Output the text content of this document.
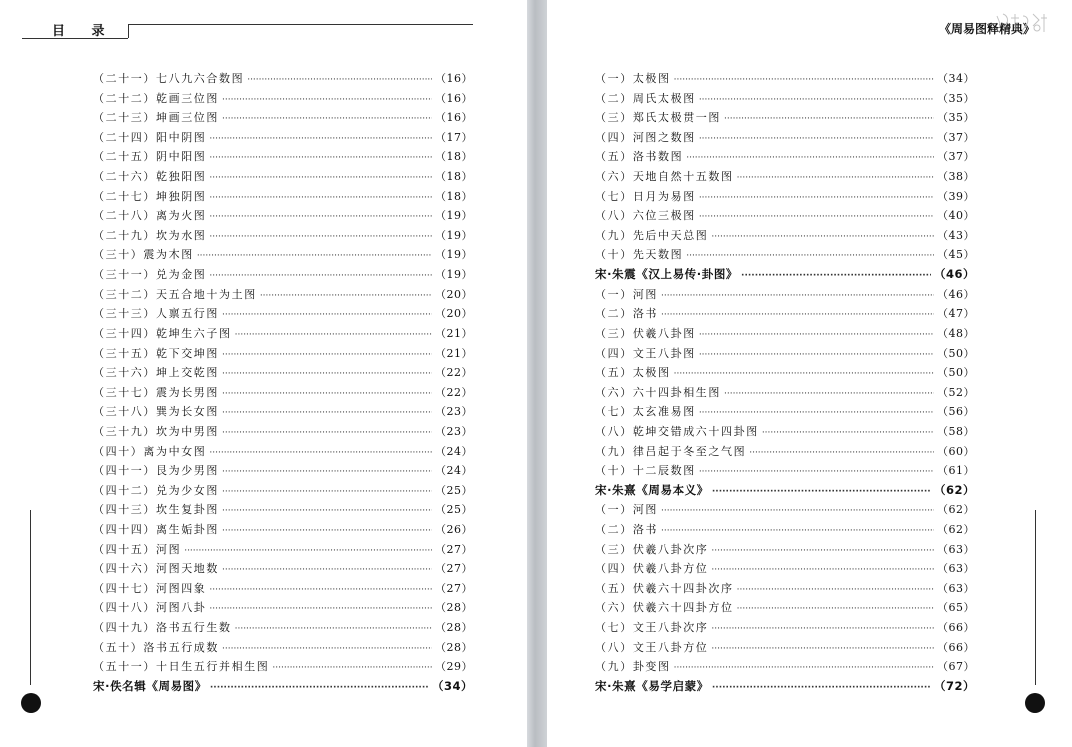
目 录
（二十一） 七八九六合数图 ·····	（16）
（二十二） 乾画三位图 ·····	（16）
（二十三） 坤画三位图 ·····	（16）
（二十四） 阳中阴图 ·····	（17）
（二十五） 阴中阳图 ·····	（18）
（二十六） 乾独阳图 ·····	（18）
（二十七） 坤独阴图 ·····	（18）
（二十八） 离为火图 ·····	（19）
（二十九） 坎为水图 ·····	（19）
（三十） 震为木图 ·····	（19）
（三十一） 兑为金图 ·····	（19）
（三十二） 天五合地十为土图 ·····	（20）
（三十三） 人禀五行图 ·····	（20）
（三十四） 乾坤生六子图 ·····	（21）
（三十五） 乾下交坤图 ·····	（21）
（三十六） 坤上交乾图 ·····	（22）
（三十七） 震为长男图 ·····	（22）
（三十八） 巽为长女图 ·····	（23）
（三十九） 坎为中男图 ·····	（23）
（四十） 离为中女图 ·····	（24）
（四十一） 艮为少男图 ·····	（24）
（四十二） 兑为少女图 ·····	（25）
（四十三） 坎生复卦图 ·····	（25）
（四十四） 离生姤卦图 ·····	（26）
（四十五） 河图 ·····	（27）
（四十六） 河图天地数 ·····	（27）
（四十七） 河图四象 ·····	（27）
（四十八） 河图八卦 ·····	（28）
（四十九） 洛书五行生数 ·····	（28）
（五十） 洛书五行成数 ·····	（28）
（五十一） 十日生五行并相生图 ·····	（29）
宋·佚名辑《周易图》 ·····	（34）
《周易图释精典》
（一） 太极图 ·····	（34）
（二） 周氏太极图 ·····	（35）
（三） 郑氏太极贯一图 ·····	（35）
（四） 河图之数图 ·····	（37）
（五） 洛书数图 ·····	（37）
（六） 天地自然十五数图 ·····	（38）
（七） 日月为易图 ·····	（39）
（八） 六位三极图 ·····	（40）
（九） 先后中天总图 ·····	（43）
（十） 先天数图 ·····	（45）
宋·朱震《汉上易传·卦图》 ·····	（46）
（一） 河图 ·····	（46）
（二） 洛书 ·····	（47）
（三） 伏羲八卦图 ·····	（48）
（四） 文王八卦图 ·····	（50）
（五） 太极图 ·····	（50）
（六） 六十四卦相生图 ·····	（52）
（七） 太玄准易图 ·····	（56）
（八） 乾坤交错成六十四卦图 ·····	（58）
（九） 律吕起于冬至之气图 ·····	（60）
（十） 十二辰数图 ·····	（61）
宋·朱熹《周易本义》 ·····	（62）
（一） 河图 ·····	（62）
（二） 洛书 ·····	（62）
（三） 伏羲八卦次序 ·····	（63）
（四） 伏羲八卦方位 ·····	（63）
（五） 伏羲六十四卦次序 ·····	（63）
（六） 伏羲六十四卦方位 ·····	（65）
（七） 文王八卦次序 ·····	（66）
（八） 文王八卦方位 ·····	（66）
（九） 卦变图 ·····	（67）
宋·朱熹《易学启蒙》 ·····	（72）
